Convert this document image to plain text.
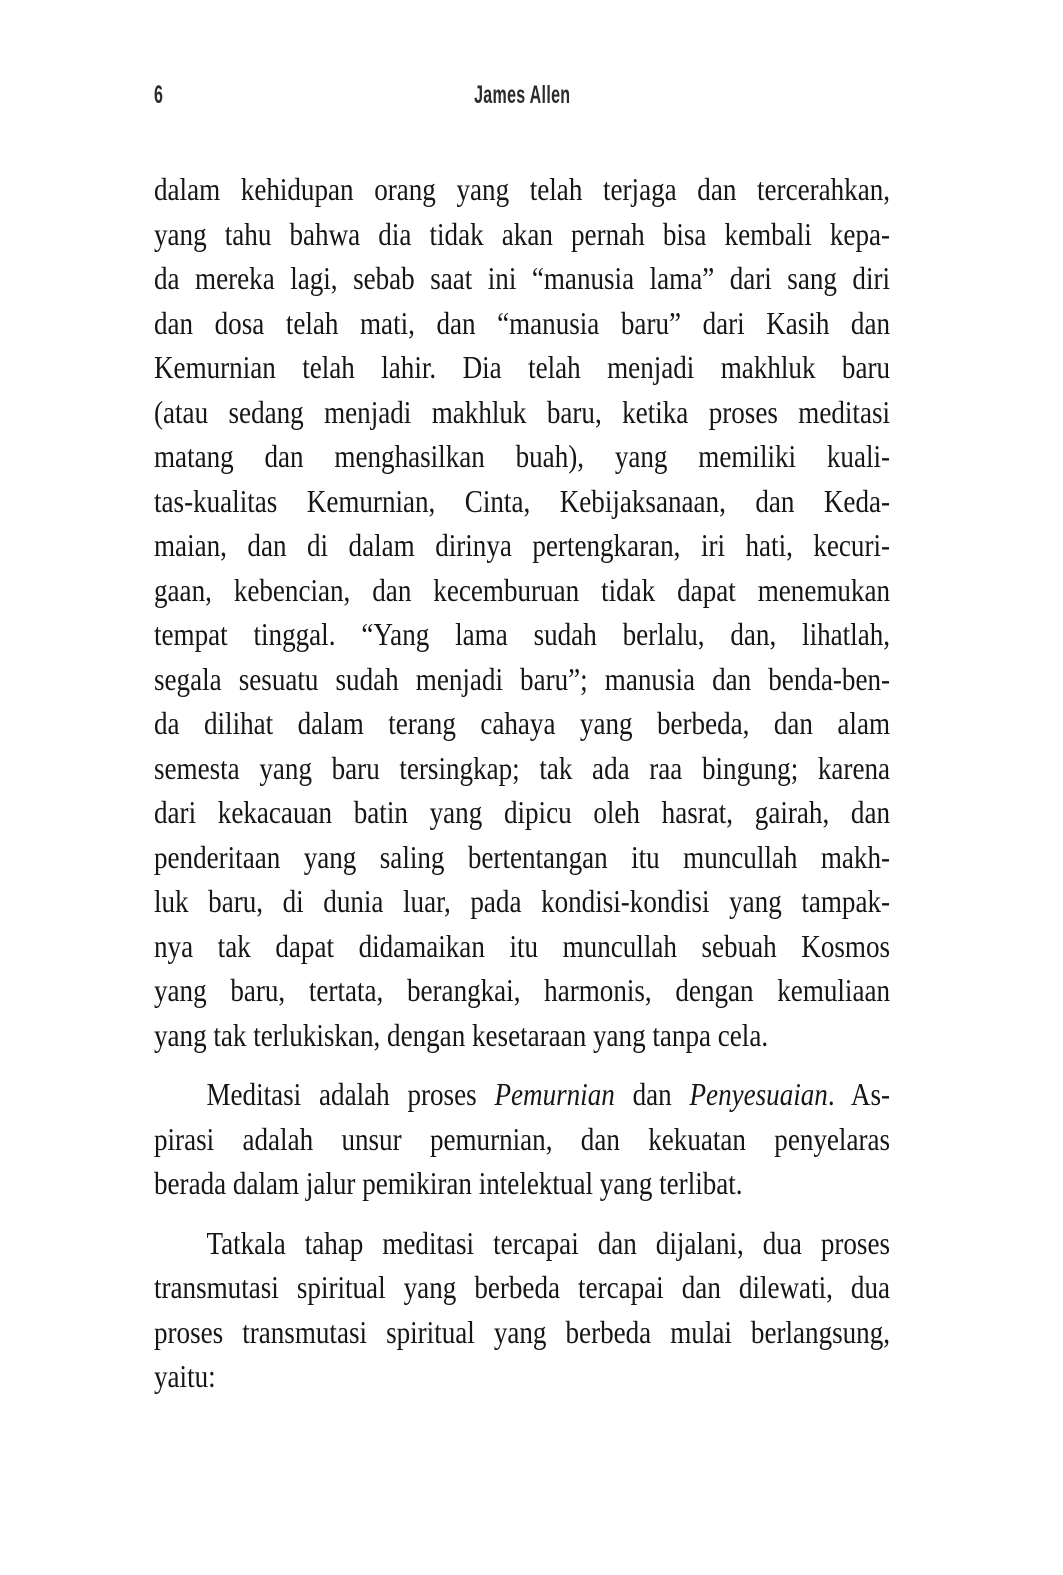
6	James Allen
dalam kehidupan orang yang telah terjaga dan tercerahkan,
yang tahu bahwa dia tidak akan pernah bisa kembali kepa-
da mereka lagi, sebab saat ini “manusia lama” dari sang diri
dan dosa telah mati, dan “manusia baru” dari Kasih dan
Kemurnian telah lahir. Dia telah menjadi makhluk baru
(atau sedang menjadi makhluk baru, ketika proses meditasi
matang dan menghasilkan buah), yang memiliki kuali-
tas-kualitas Kemurnian, Cinta, Kebijaksanaan, dan Keda-
maian, dan di dalam dirinya pertengkaran, iri hati, kecuri-
gaan, kebencian, dan kecemburuan tidak dapat menemukan
tempat tinggal. “Yang lama sudah berlalu, dan, lihatlah,
segala sesuatu sudah menjadi baru”; manusia dan benda-ben-
da dilihat dalam terang cahaya yang berbeda, dan alam
semesta yang baru tersingkap; tak ada raa bingung; karena
dari kekacauan batin yang dipicu oleh hasrat, gairah, dan
penderitaan yang saling bertentangan itu muncullah makh-
luk baru, di dunia luar, pada kondisi-kondisi yang tampak-
nya tak dapat didamaikan itu muncullah sebuah Kosmos
yang baru, tertata, berangkai, harmonis, dengan kemuliaan
yang tak terlukiskan, dengan kesetaraan yang tanpa cela.
Meditasi adalah proses Pemurnian dan Penyesuaian. As-
pirasi adalah unsur pemurnian, dan kekuatan penyelaras
berada dalam jalur pemikiran intelektual yang terlibat.
Tatkala tahap meditasi tercapai dan dijalani, dua proses
transmutasi spiritual yang berbeda tercapai dan dilewati, dua
proses transmutasi spiritual yang berbeda mulai berlangsung,
yaitu:
